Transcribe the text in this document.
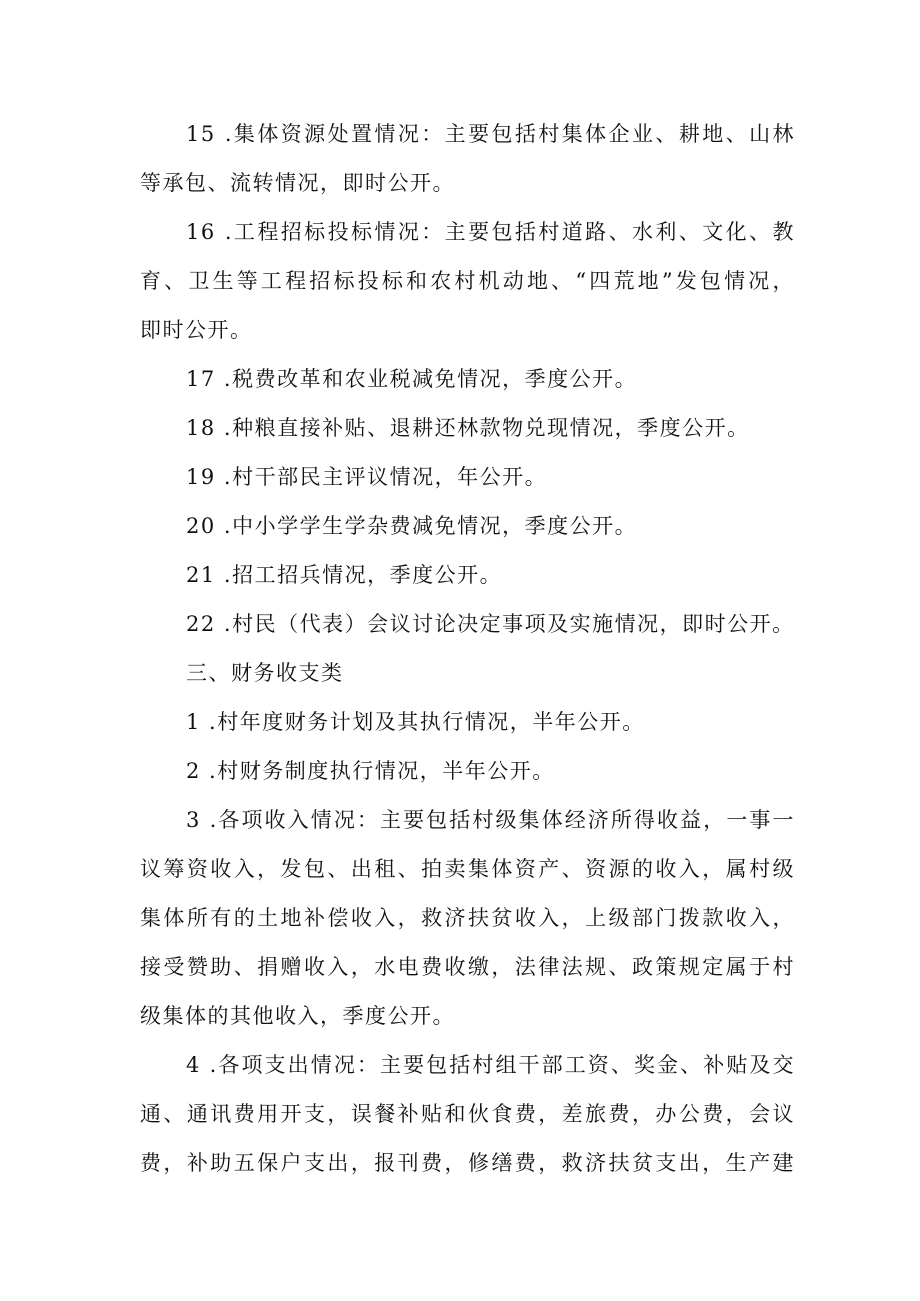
15 .集体资源处置情况：主要包括村集体企业、耕地、山林
等承包、流转情况，即时公开。
16 .工程招标投标情况：主要包括村道路、水利、文化、教
育、卫生等工程招标投标和农村机动地、“四荒地”发包情况，
即时公开。
17 .税费改革和农业税减免情况，季度公开。
18 .种粮直接补贴、退耕还林款物兑现情况，季度公开。
19 .村干部民主评议情况，年公开。
20 .中小学学生学杂费减免情况，季度公开。
21 .招工招兵情况，季度公开。
22 .村民（代表）会议讨论决定事项及实施情况，即时公开。
三、财务收支类
1 .村年度财务计划及其执行情况，半年公开。
2 .村财务制度执行情况，半年公开。
3 .各项收入情况：主要包括村级集体经济所得收益，一事一
议筹资收入，发包、出租、拍卖集体资产、资源的收入，属村级
集体所有的土地补偿收入，救济扶贫收入，上级部门拨款收入，
接受赞助、捐赠收入，水电费收缴，法律法规、政策规定属于村
级集体的其他收入，季度公开。
4 .各项支出情况：主要包括村组干部工资、奖金、补贴及交
通、通讯费用开支，误餐补贴和伙食费，差旅费，办公费，会议
费，补助五保户支出，报刊费，修缮费，救济扶贫支出，生产建
